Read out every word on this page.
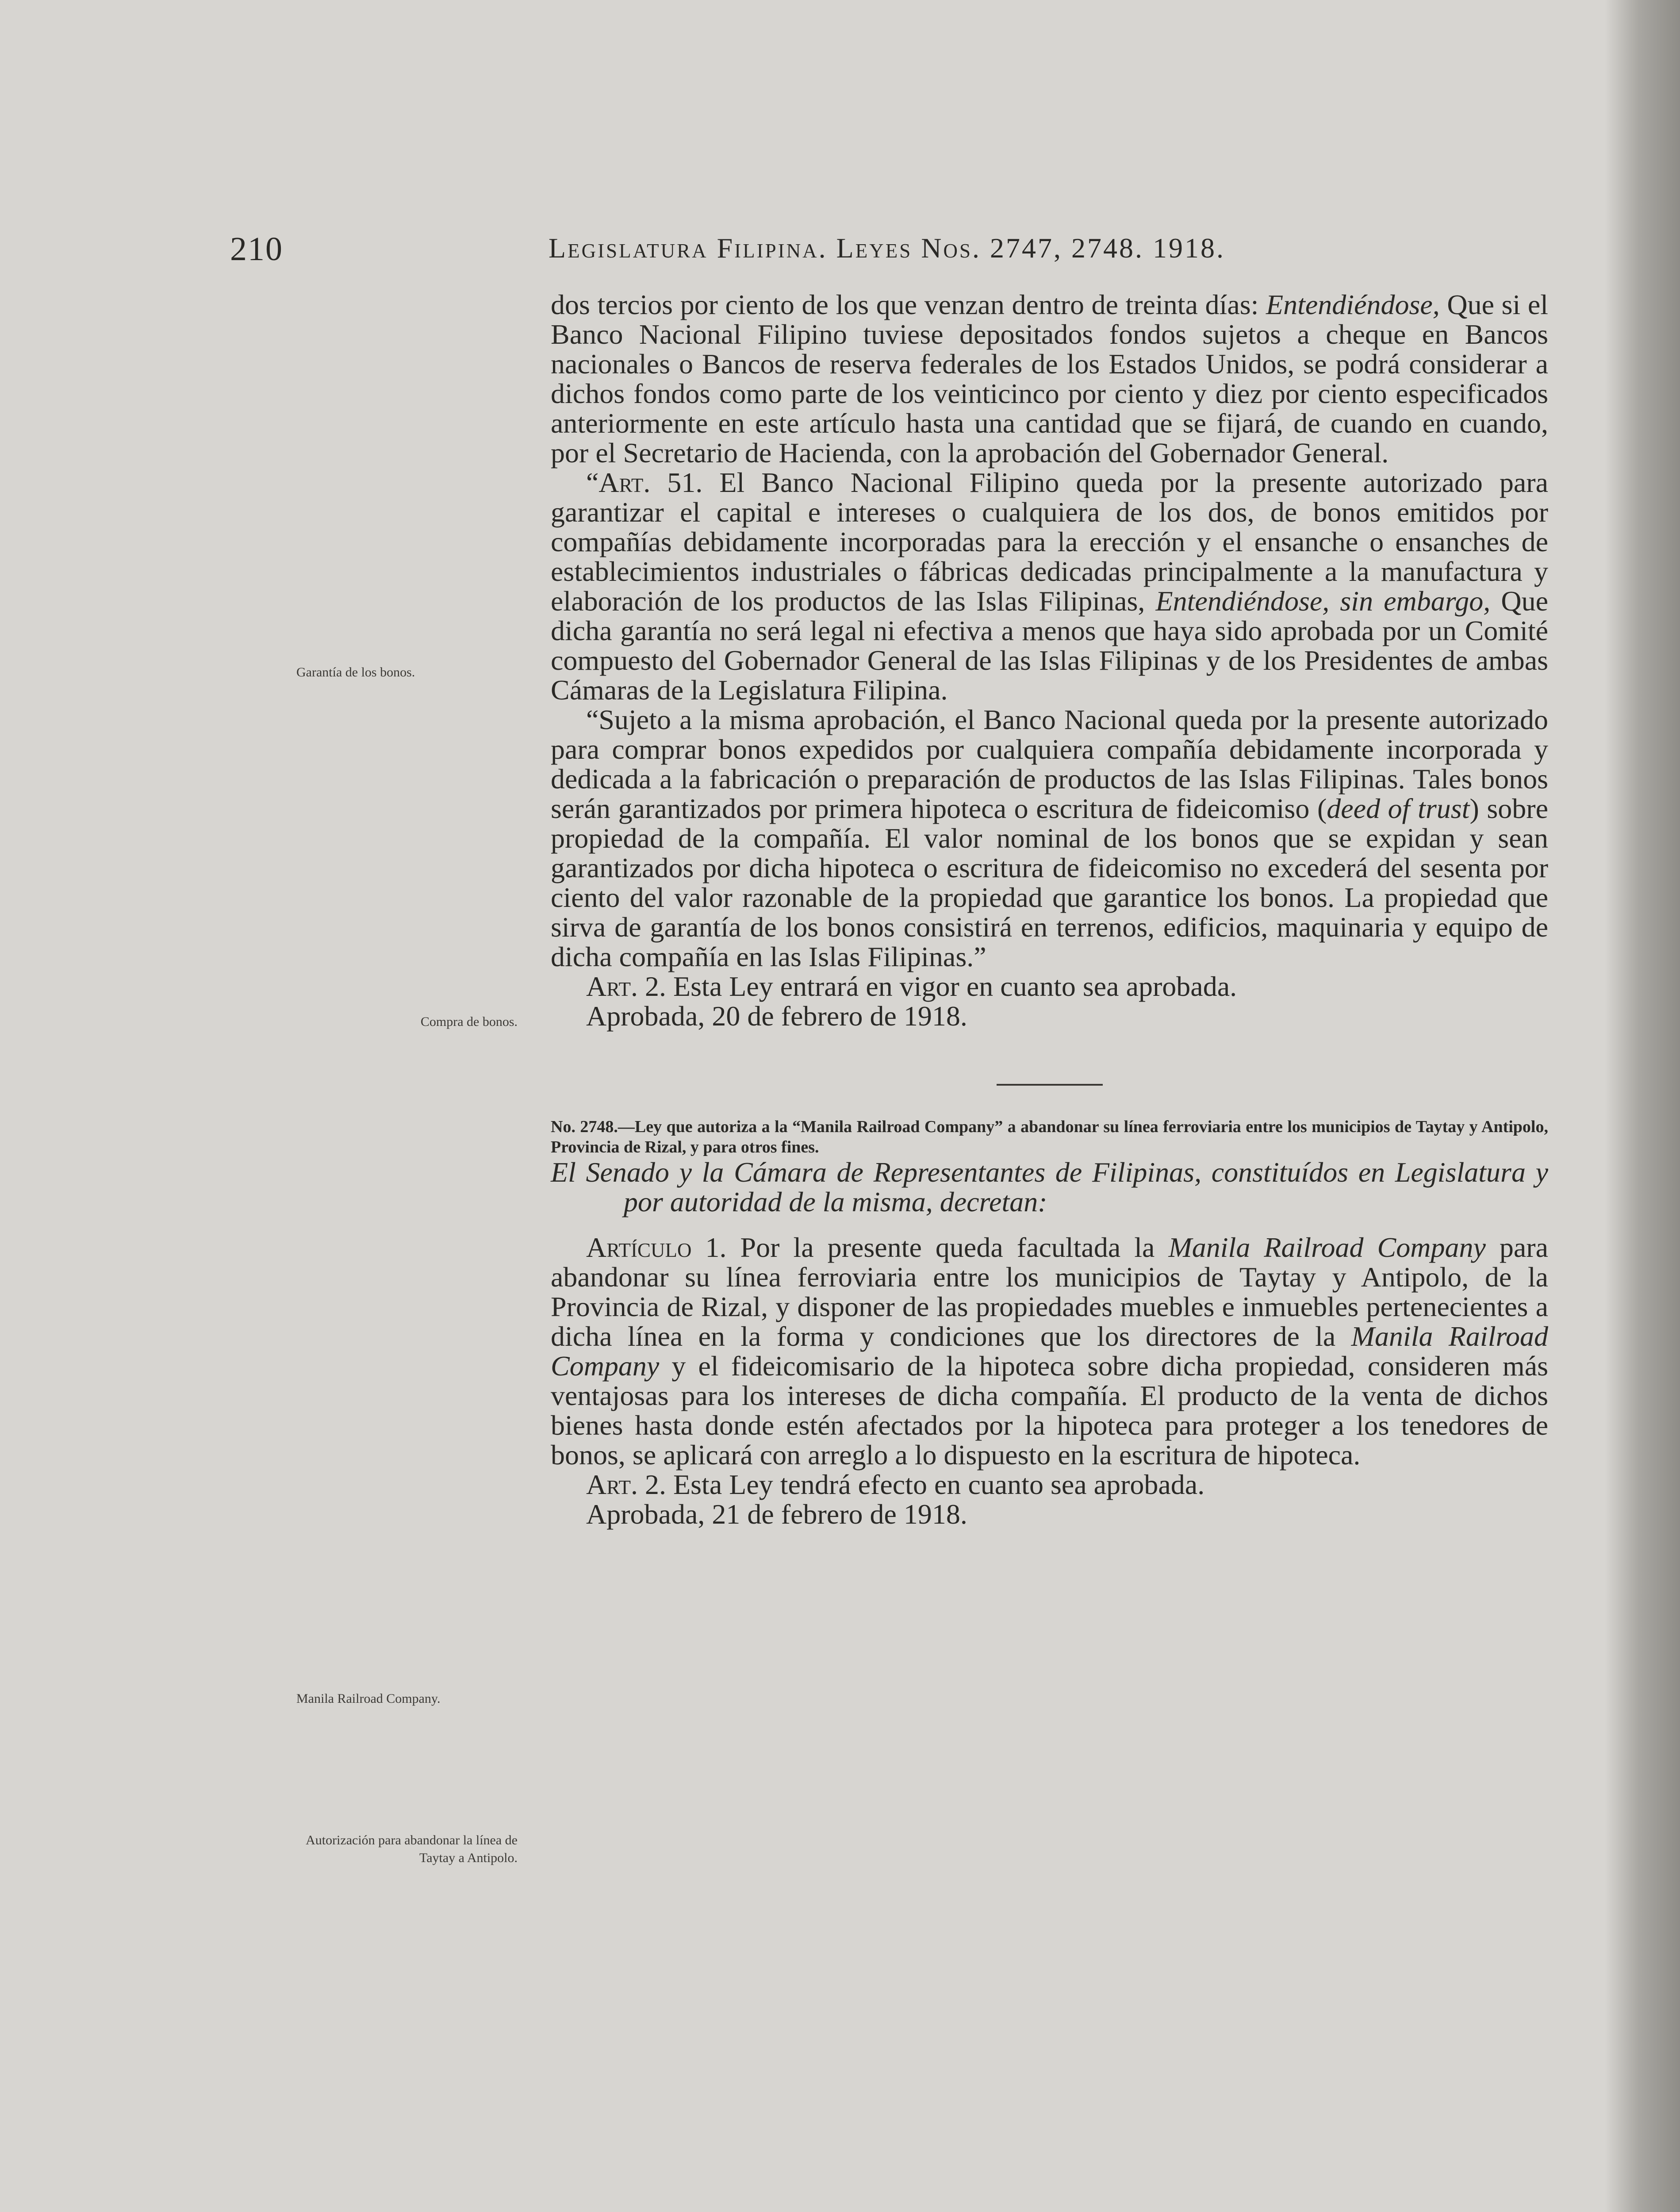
210	Legislatura Filipina. Leyes Nos. 2747, 2748. 1918.
Garantía de los bonos.
Compra de bonos.
Manila Railroad Company.
Autorización para abandonar la línea de Taytay a Antipolo.

dos tercios por ciento de los que venzan dentro de treinta días: Entendiéndose, Que si el Banco Nacional Filipino tuviese depositados fondos sujetos a cheque en Bancos nacionales o Bancos de reserva federales de los Estados Unidos, se podrá considerar a dichos fondos como parte de los veinticinco por ciento y diez por ciento especificados anteriormente en este artículo hasta una cantidad que se fijará, de cuando en cuando, por el Secretario de Hacienda, con la aprobación del Gobernador General.

“Art. 51. El Banco Nacional Filipino queda por la presente autorizado para garantizar el capital e intereses o cualquiera de los dos, de bonos emitidos por compañías debidamente incorporadas para la erección y el ensanche o ensanches de establecimientos industriales o fábricas dedicadas principalmente a la manufactura y elaboración de los productos de las Islas Filipinas, Entendiéndose, sin embargo, Que dicha garantía no será legal ni efectiva a menos que haya sido aprobada por un Comité compuesto del Gobernador General de las Islas Filipinas y de los Presidentes de ambas Cámaras de la Legislatura Filipina.

“Sujeto a la misma aprobación, el Banco Nacional queda por la presente autorizado para comprar bonos expedidos por cualquiera compañía debidamente incorporada y dedicada a la fabricación o preparación de productos de las Islas Filipinas. Tales bonos serán garantizados por primera hipoteca o escritura de fideicomiso (deed of trust) sobre propiedad de la compañía. El valor nominal de los bonos que se expidan y sean garantizados por dicha hipoteca o escritura de fideicomiso no excederá del sesenta por ciento del valor razonable de la propiedad que garantice los bonos. La propiedad que sirva de garantía de los bonos consistirá en terrenos, edificios, maquinaria y equipo de dicha compañía en las Islas Filipinas.”

Art. 2. Esta Ley entrará en vigor en cuanto sea aprobada.

Aprobada, 20 de febrero de 1918.

No. 2748.—Ley que autoriza a la “Manila Railroad Company” a abandonar su línea ferroviaria entre los municipios de Taytay y Antipolo, Provincia de Rizal, y para otros fines.

El Senado y la Cámara de Representantes de Filipinas, constituídos en Legislatura y por autoridad de la misma, decretan:

Artículo 1. Por la presente queda facultada la Manila Railroad Company para abandonar su línea ferroviaria entre los municipios de Taytay y Antipolo, de la Provincia de Rizal, y disponer de las propiedades muebles e inmuebles pertenecientes a dicha línea en la forma y condiciones que los directores de la Manila Railroad Company y el fideicomisario de la hipoteca sobre dicha propiedad, consideren más ventajosas para los intereses de dicha compañía. El producto de la venta de dichos bienes hasta donde estén afectados por la hipoteca para proteger a los tenedores de bonos, se aplicará con arreglo a lo dispuesto en la escritura de hipoteca.

Art. 2. Esta Ley tendrá efecto en cuanto sea aprobada.

Aprobada, 21 de febrero de 1918.
